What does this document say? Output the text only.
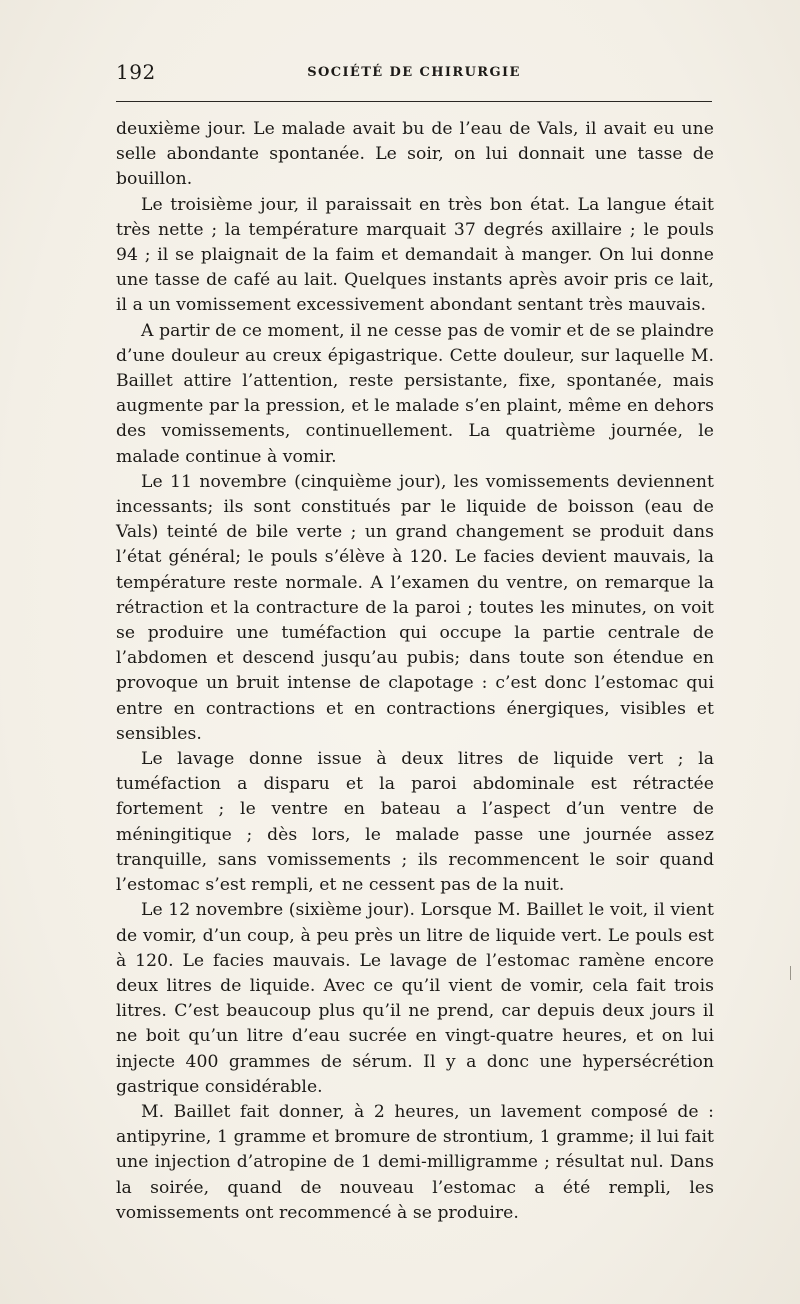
192	SOCIÉTÉ DE CHIRURGIE

deuxième jour. Le malade avait bu de l’eau de Vals, il avait eu une selle abondante spontanée. Le soir, on lui donnait une tasse de bouillon.

Le troisième jour, il paraissait en très bon état. La langue était très nette ; la température marquait 37 degrés axillaire ; le pouls 94 ; il se plaignait de la faim et demandait à manger. On lui donne une tasse de café au lait. Quelques instants après avoir pris ce lait, il a un vomissement excessivement abondant sentant très mauvais.

A partir de ce moment, il ne cesse pas de vomir et de se plaindre d’une douleur au creux épigastrique. Cette douleur, sur laquelle M. Baillet attire l’attention, reste persistante, fixe, spontanée, mais augmente par la pression, et le malade s’en plaint, même en dehors des vomissements, continuellement. La quatrième journée, le malade continue à vomir.

Le 11 novembre (cinquième jour), les vomissements deviennent incessants; ils sont constitués par le liquide de boisson (eau de Vals) teinté de bile verte ; un grand changement se produit dans l’état général; le pouls s’élève à 120. Le facies devient mauvais, la température reste normale. A l’examen du ventre, on remarque la rétraction et la contracture de la paroi ; toutes les minutes, on voit se produire une tuméfaction qui occupe la partie centrale de l’abdomen et descend jusqu’au pubis; dans toute son étendue en provoque un bruit intense de clapotage : c’est donc l’estomac qui entre en contractions et en contractions énergiques, visibles et sensibles.

Le lavage donne issue à deux litres de liquide vert ; la tuméfaction a disparu et la paroi abdominale est rétractée fortement ; le ventre en bateau a l’aspect d’un ventre de méningitique ; dès lors, le malade passe une journée assez tranquille, sans vomissements ; ils recommencent le soir quand l’estomac s’est rempli, et ne cessent pas de la nuit.

Le 12 novembre (sixième jour). Lorsque M. Baillet le voit, il vient de vomir, d’un coup, à peu près un litre de liquide vert. Le pouls est à 120. Le facies mauvais. Le lavage de l’estomac ramène encore deux litres de liquide. Avec ce qu’il vient de vomir, cela fait trois litres. C’est beaucoup plus qu’il ne prend, car depuis deux jours il ne boit qu’un litre d’eau sucrée en vingt-quatre heures, et on lui injecte 400 grammes de sérum. Il y a donc une hypersécrétion gastrique considérable.

M. Baillet fait donner, à 2 heures, un lavement composé de : antipyrine, 1 gramme et bromure de strontium, 1 gramme; il lui fait une injection d’atropine de 1 demi-milligramme ; résultat nul. Dans la soirée, quand de nouveau l’estomac a été rempli, les vomissements ont recommencé à se produire.
